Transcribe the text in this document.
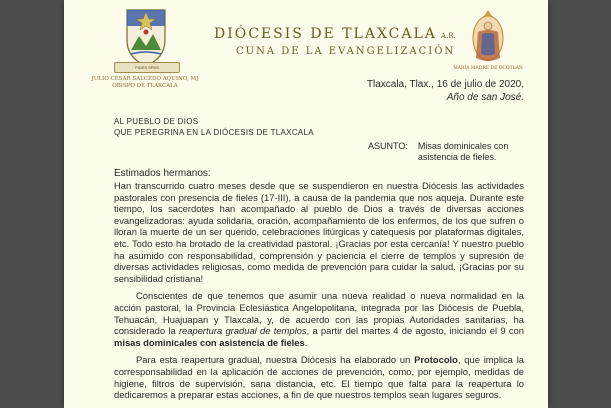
FIDES SPES
JULIO CÉSAR SALCEDO AQUINO, MJ
OBISPO DE TLAXCALA
DIÓCESIS DE TLAXCALA A.R.
CUNA DE LA EVANGELIZACIÓN
MARÍA MADRE DE OCOTLÁN
Tlaxcala, Tlax., 16 de julio de 2020,
Año de san José.
AL PUEBLO DE DIOS
QUE PEREGRINA EN LA DIÓCESIS DE TLAXCALA
ASUNTO: Misas dominicales con
asistencia de fieles.
Estimados hermanos:

Han transcurrido cuatro meses desde que se suspendieron en nuestra Diócesis las actividades pastorales con presencia de fieles (17-III), a causa de la pandemia que nos aqueja. Durante este tiempo, los sacerdotes han acompañado al pueblo de Dios a través de diversas acciones evangelizadoras: ayuda solidaria, oración, acompañamiento de los enfermos, de los que sufren o lloran la muerte de un ser querido, celebraciones litúrgicas y catequesis por plataformas digitales, etc. Todo esto ha brotado de la creatividad pastoral. ¡Gracias por esta cercanía! Y nuestro pueblo ha asumido con responsabilidad, comprensión y paciencia el cierre de templos y supresión de diversas actividades religiosas, como medida de prevención para cuidar la salud. ¡Gracias por su sensibilidad cristiana!

Conscientes de que tenemos que asumir una nueva realidad o nueva normalidad en la acción pastoral, la Provincia Eclesiástica Angelopolitana, integrada por las Diócesis de Puebla, Tehuacán, Huajuapan y Tlaxcala, y, de acuerdo con las propias Autoridades sanitarias, ha considerado la reapertura gradual de templos, a partir del martes 4 de agosto, iniciando el 9 con misas dominicales con asistencia de fieles.

Para esta reapertura gradual, nuestra Diócesis ha elaborado un Protocolo, que implica la corresponsabilidad en la aplicación de acciones de prevención, como, por ejemplo, medidas de higiene, filtros de supervisión, sana distancia, etc. El tiempo que falta para la reapertura lo dedicaremos a preparar estas acciones, a fin de que nuestros templos sean lugares seguros.
